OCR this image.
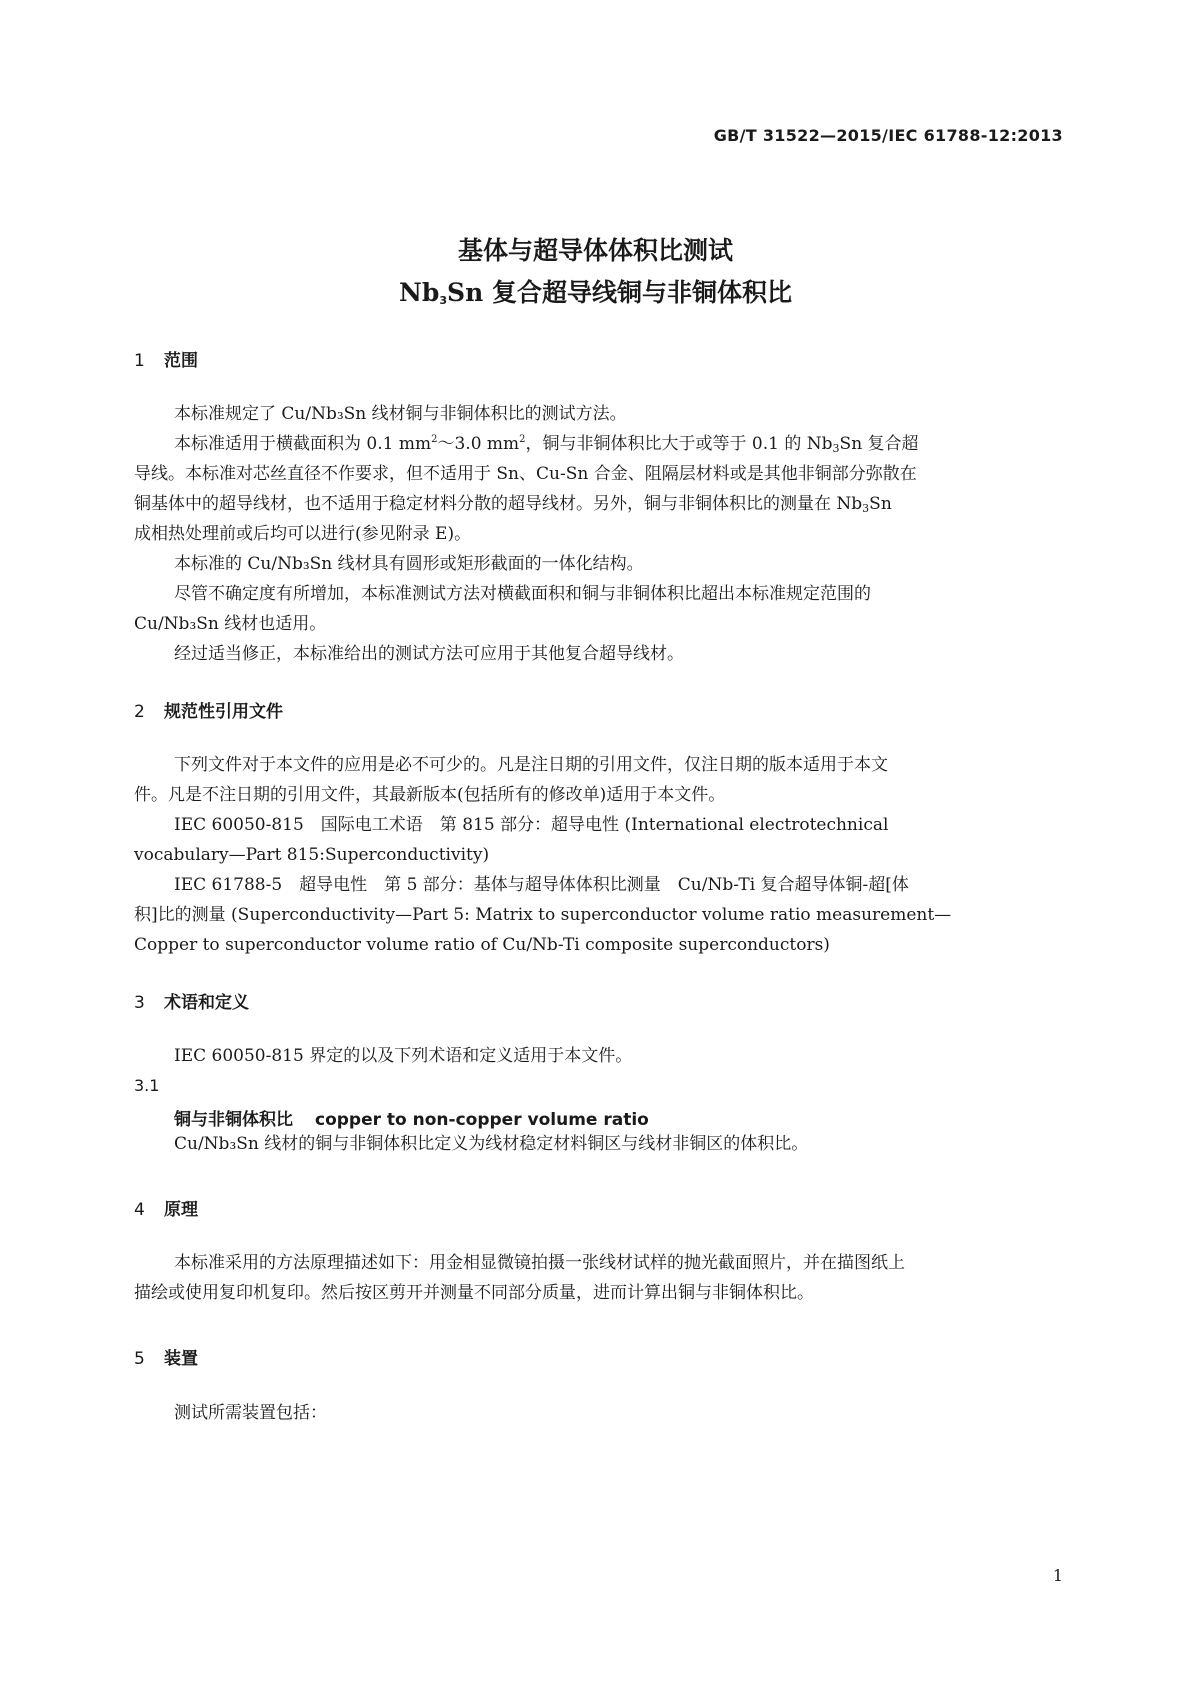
GB/T 31522—2015/IEC 61788-12:2013
基体与超导体体积比测试
$Nb_3Sn$ 复合超导线铜与非铜体积比
1 范围
本标准规定了 Cu/Nb₃Sn 线材铜与非铜体积比的测试方法。
本标准适用于横截面积为 0.1 $mm^2\sim 3.0$ $mm^2$，铜与非铜体积比大于或等于 0.1 的 $Nb_3Sn$ 复合超
导线。本标准对芯丝直径不作要求，但不适用于 Sn、Cu-Sn 合金、阻隔层材料或是其他非铜部分弥散在
铜基体中的超导线材，也不适用于稳定材料分散的超导线材。另外，铜与非铜体积比的测量在 $Nb_3Sn$
成相热处理前或后均可以进行(参见附录 E)。
本标准的 Cu/Nb₃Sn 线材具有圆形或矩形截面的一体化结构。
尽管不确定度有所增加，本标准测试方法对横截面积和铜与非铜体积比超出本标准规定范围的
Cu/Nb₃Sn 线材也适用。
经过适当修正，本标准给出的测试方法可应用于其他复合超导线材。
2 规范性引用文件
下列文件对于本文件的应用是必不可少的。凡是注日期的引用文件，仅注日期的版本适用于本文
件。凡是不注日期的引用文件，其最新版本(包括所有的修改单)适用于本文件。
IEC 60050-815　国际电工术语　第 815 部分：超导电性 (International electrotechnical
vocabulary—Part 815:Superconductivity)
IEC 61788-5　超导电性　第 5 部分：基体与超导体体积比测量　Cu/Nb-Ti 复合超导体铜-超[体
积]比的测量 (Superconductivity—Part 5: Matrix to superconductor volume ratio measurement—
Copper to superconductor volume ratio of Cu/Nb-Ti composite superconductors)
3 术语和定义
IEC 60050-815 界定的以及下列术语和定义适用于本文件。
3.1
铜与非铜体积比 copper to non-copper volume ratio
Cu/Nb₃Sn 线材的铜与非铜体积比定义为线材稳定材料铜区与线材非铜区的体积比。
4 原理
本标准采用的方法原理描述如下：用金相显微镜拍摄一张线材试样的抛光截面照片，并在描图纸上
描绘或使用复印机复印。然后按区剪开并测量不同部分质量，进而计算出铜与非铜体积比。
5 装置
测试所需装置包括：
1
